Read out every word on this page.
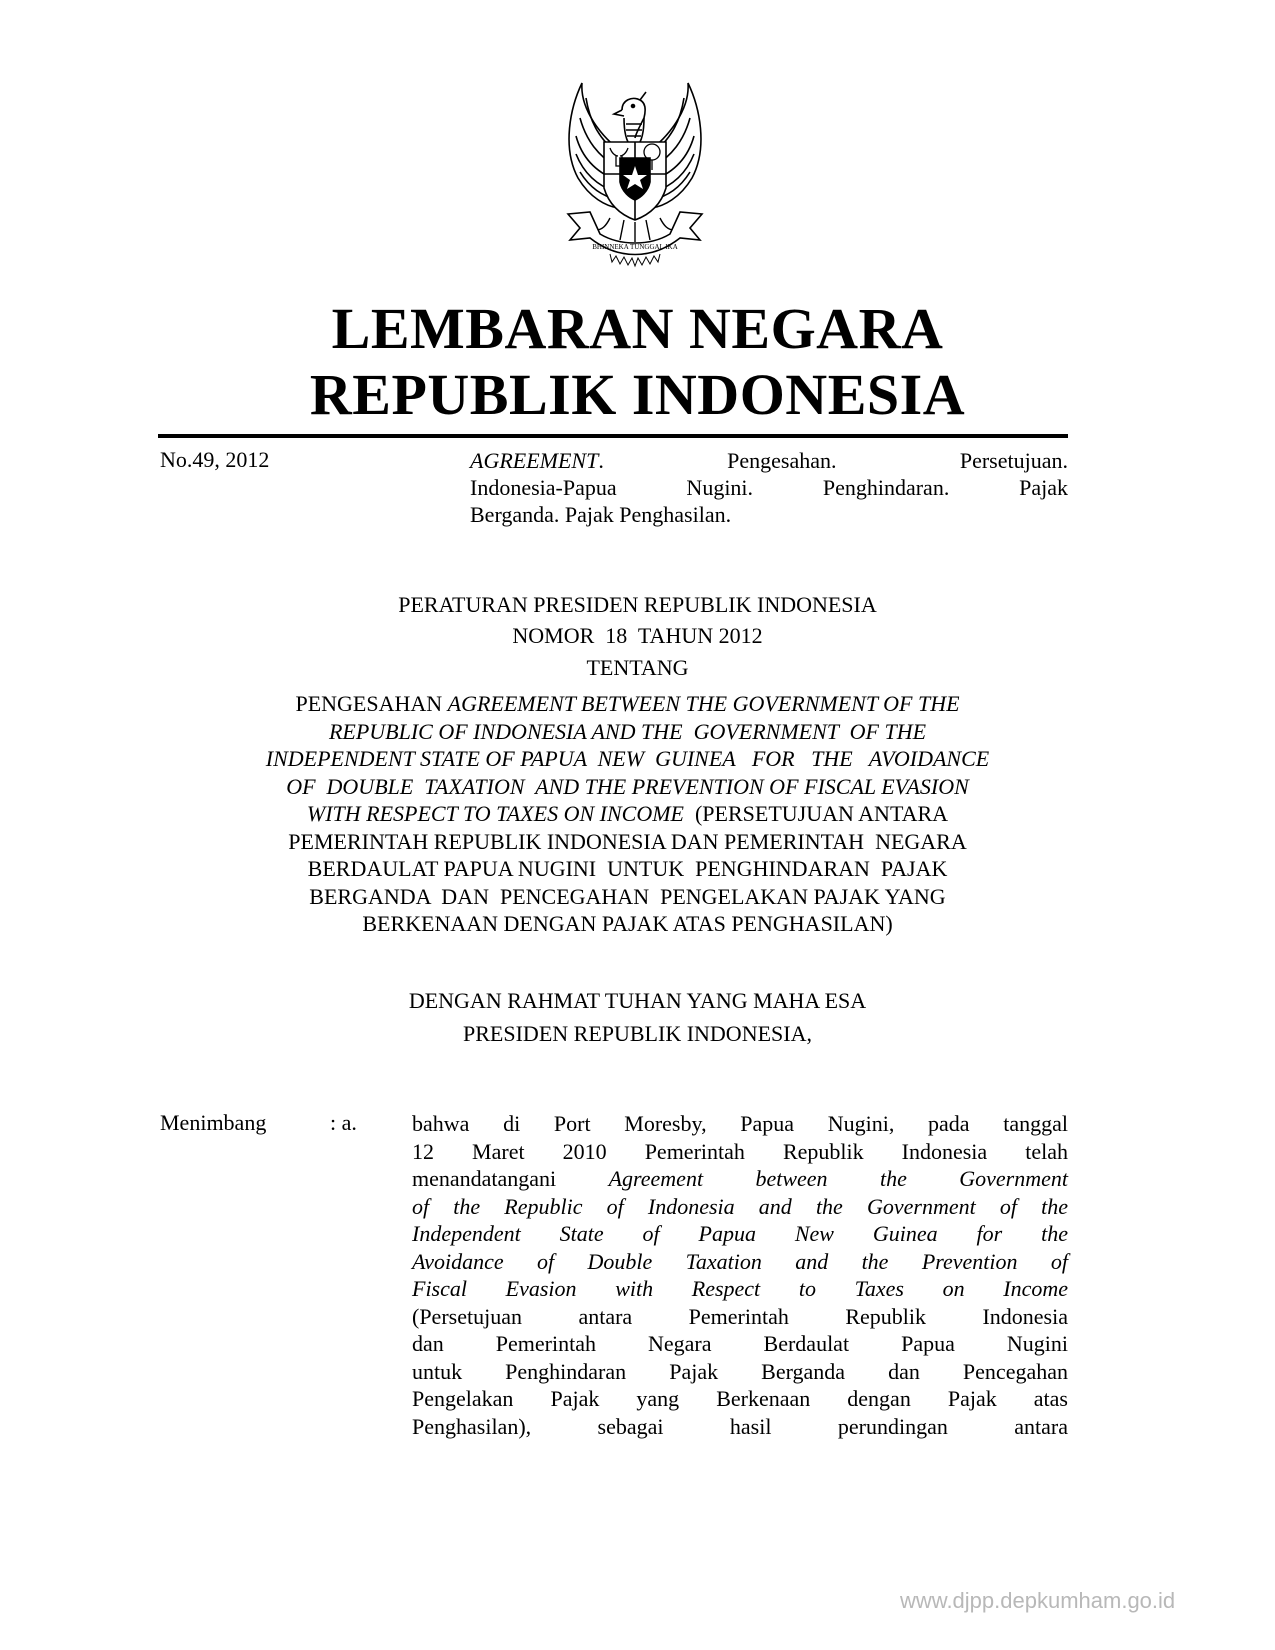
BHINNEKA TUNGGAL IKA
LEMBARAN NEGARA
REPUBLIK INDONESIA
No.49, 2012	AGREEMENT. Pengesahan. Persetujuan.
Indonesia-Papua Nugini. Penghindaran. Pajak
Berganda. Pajak Penghasilan.
PERATURAN PRESIDEN REPUBLIK INDONESIA
NOMOR  18  TAHUN 2012
TENTANG
PENGESAHAN AGREEMENT BETWEEN THE GOVERNMENT OF THE
REPUBLIC OF INDONESIA AND THE  GOVERNMENT  OF THE
INDEPENDENT STATE OF PAPUA  NEW  GUINEA   FOR   THE   AVOIDANCE
OF  DOUBLE  TAXATION  AND THE PREVENTION OF FISCAL EVASION
WITH RESPECT TO TAXES ON INCOME  (PERSETUJUAN ANTARA
PEMERINTAH REPUBLIK INDONESIA DAN PEMERINTAH  NEGARA
BERDAULAT PAPUA NUGINI  UNTUK  PENGHINDARAN  PAJAK
BERGANDA  DAN  PENCEGAHAN  PENGELAKAN PAJAK YANG
BERKENAAN DENGAN PAJAK ATAS PENGHASILAN)
DENGAN RAHMAT TUHAN YANG MAHA ESA
PRESIDEN REPUBLIK INDONESIA,
Menimbang	: a.	bahwa di Port Moresby, Papua Nugini, pada tanggal
12 Maret 2010 Pemerintah Republik Indonesia telah
menandatangani Agreement between the Government
of the Republic of Indonesia and the Government of the
Independent State of Papua New Guinea for the
Avoidance of Double Taxation and the Prevention of
Fiscal Evasion with Respect to Taxes on Income
(Persetujuan antara Pemerintah Republik Indonesia
dan Pemerintah Negara Berdaulat Papua Nugini
untuk Penghindaran Pajak Berganda dan Pencegahan
Pengelakan Pajak yang Berkenaan dengan Pajak atas
Penghasilan), sebagai hasil perundingan antara
www.djpp.depkumham.go.id
